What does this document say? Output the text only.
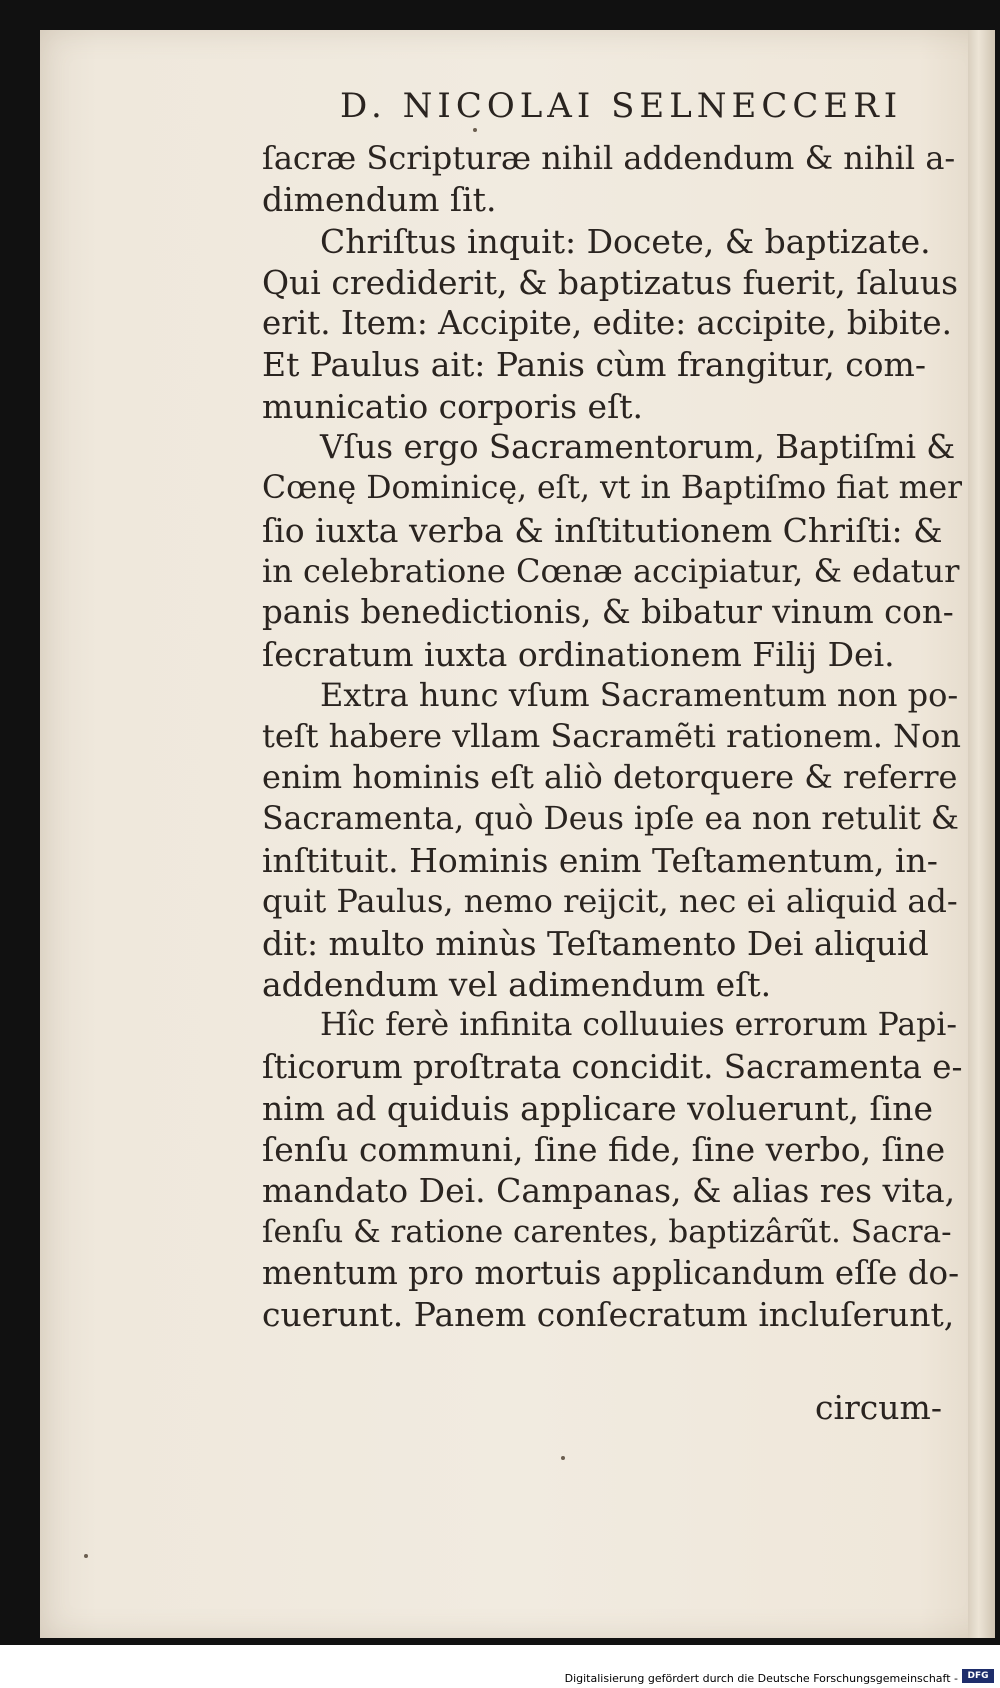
D. NICOLAI SELNECCERI
ſacræ Scripturæ nihil addendum & nihil a-
dimendum ſit.
Chriſtus inquit: Docete, & baptizate.
Qui crediderit, & baptizatus fuerit, ſaluus
erit. Item: Accipite, edite: accipite, bibite.
Et Paulus ait: Panis cùm frangitur, com-
municatio corporis eſt.
Vſus ergo Sacramentorum, Baptiſmi &
Cœnę Dominicę, eſt, vt in Baptiſmo fiat mer
ſio iuxta verba & inſtitutionem Chriſti: &
in celebratione Cœnæ accipiatur, & edatur
panis benedictionis, & bibatur vinum con-
ſecratum iuxta ordinationem Filij Dei.
Extra hunc vſum Sacramentum non po-
teſt habere vllam Sacramẽti rationem. Non
enim hominis eſt aliò detorquere & referre
Sacramenta, quò Deus ipſe ea non retulit &
inſtituit. Hominis enim Teſtamentum, in-
quit Paulus, nemo reijcit, nec ei aliquid ad-
dit: multo minùs Teſtamento Dei aliquid
addendum vel adimendum eſt.
Hîc ferè infinita colluuies errorum Papi-
ſticorum proſtrata concidit. Sacramenta e-
nim ad quiduis applicare voluerunt, ſine
ſenſu communi, ſine fide, ſine verbo, ſine
mandato Dei. Campanas, & alias res vita,
ſenſu & ratione carentes, baptizârũt. Sacra-
mentum pro mortuis applicandum eſſe do-
cuerunt. Panem conſecratum incluſerunt,
circum-
Digitalisierung gefördert durch die Deutsche Forschungsgemeinschaft -	DFG
